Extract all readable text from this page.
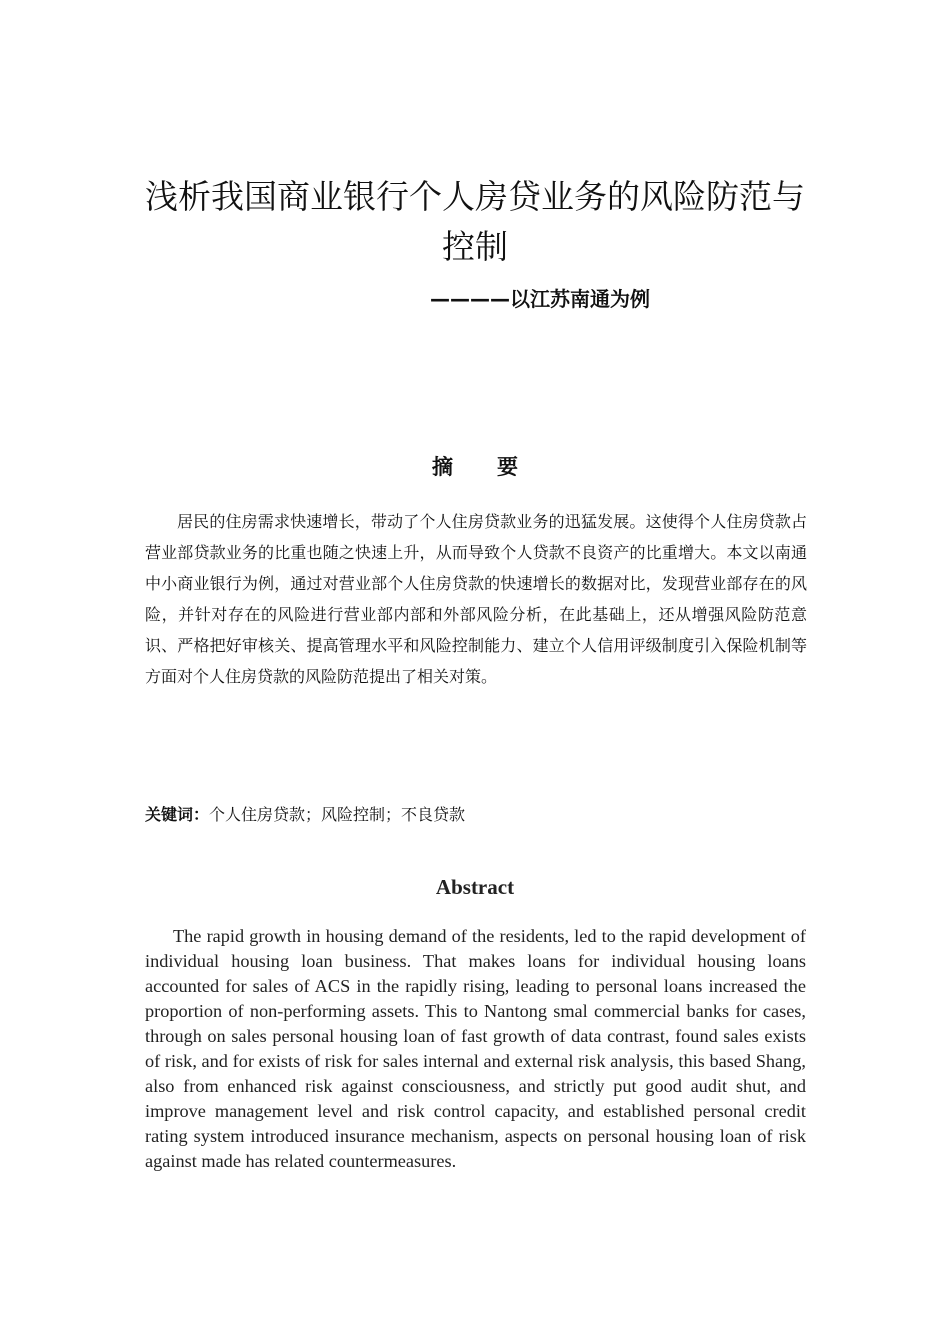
浅析我国商业银行个人房贷业务的风险防范与控制
————以江苏南通为例
摘要

居民的住房需求快速增长，带动了个人住房贷款业务的迅猛发展。这使得个人住房贷款占营业部贷款业务的比重也随之快速上升，从而导致个人贷款不良资产的比重增大。本文以南通中小商业银行为例，通过对营业部个人住房贷款的快速增长的数据对比，发现营业部存在的风险，并针对存在的风险进行营业部内部和外部风险分析，在此基础上，还从增强风险防范意识、严格把好审核关、提高管理水平和风险控制能力、建立个人信用评级制度引入保险机制等方面对个人住房贷款的风险防范提出了相关对策。

关键词：个人住房贷款；风险控制；不良贷款

Abstract

The rapid growth in housing demand of the residents, led to the rapid development of individual housing loan business. That makes loans for individual housing loans accounted for sales of ACS in the rapidly rising, leading to personal loans increased the proportion of non-performing assets. This to Nantong smal commercial banks for cases, through on sales personal housing loan of fast growth of data contrast, found sales exists of risk, and for exists of risk for sales internal and external risk analysis, this based Shang, also from enhanced risk against consciousness, and strictly put good audit shut, and improve management level and risk control capacity, and established personal credit rating system introduced insurance mechanism, aspects on personal housing loan of risk against made has related countermeasures.
